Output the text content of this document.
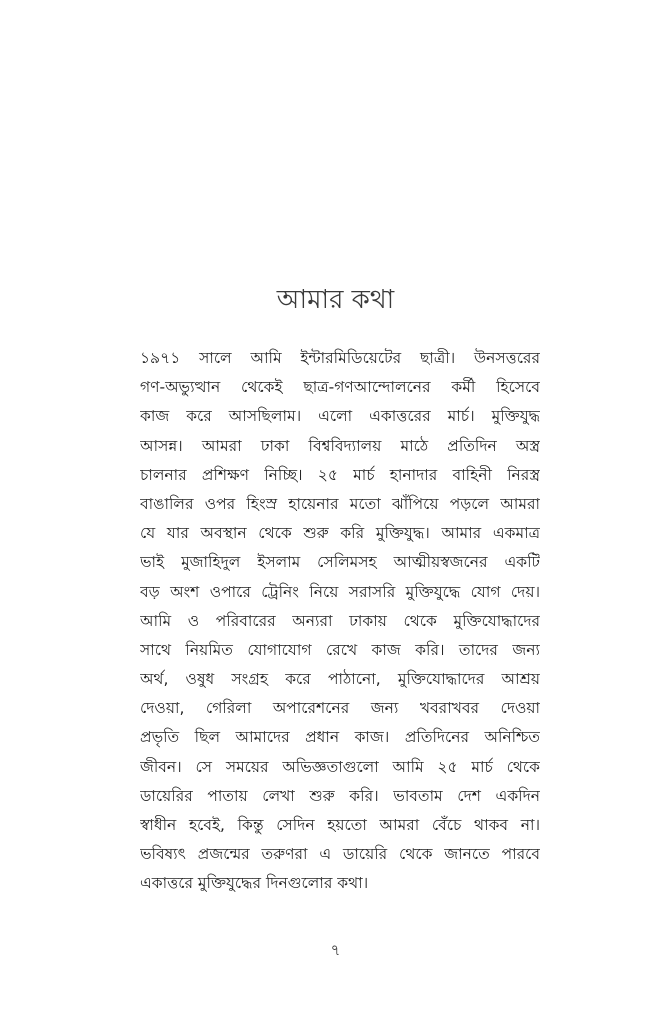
আমার কথা
১৯৭১ সালে আমি ইন্টারমিডিয়েটের ছাত্রী। উনসত্তরের
গণ-অভ্যুত্থান থেকেই ছাত্র-গণআন্দোলনের কর্মী হিসেবে
কাজ করে আসছিলাম। এলো একাত্তরের মার্চ। মুক্তিযুদ্ধ
আসন্ন। আমরা ঢাকা বিশ্ববিদ্যালয় মাঠে প্রতিদিন অস্ত্র
চালনার প্রশিক্ষণ নিচ্ছি। ২৫ মার্চ হানাদার বাহিনী নিরস্ত্র
বাঙালির ওপর হিংস্র হায়েনার মতো ঝাঁপিয়ে পড়লে আমরা
যে যার অবস্থান থেকে শুরু করি মুক্তিযুদ্ধ। আমার একমাত্র
ভাই মুজাহিদুল ইসলাম সেলিমসহ আত্মীয়স্বজনের একটি
বড় অংশ ওপারে ট্রেনিং নিয়ে সরাসরি মুক্তিযুদ্ধে যোগ দেয়।
আমি ও পরিবারের অন্যরা ঢাকায় থেকে মুক্তিযোদ্ধাদের
সাথে নিয়মিত যোগাযোগ রেখে কাজ করি। তাদের জন্য
অর্থ, ওষুধ সংগ্রহ করে পাঠানো, মুক্তিযোদ্ধাদের আশ্রয়
দেওয়া, গেরিলা অপারেশনের জন্য খবরাখবর দেওয়া
প্রভৃতি ছিল আমাদের প্রধান কাজ। প্রতিদিনের অনিশ্চিত
জীবন। সে সময়ের অভিজ্ঞতাগুলো আমি ২৫ মার্চ থেকে
ডায়েরির পাতায় লেখা শুরু করি। ভাবতাম দেশ একদিন
স্বাধীন হবেই, কিন্তু সেদিন হয়তো আমরা বেঁচে থাকব না।
ভবিষ্যৎ প্রজন্মের তরুণরা এ ডায়েরি থেকে জানতে পারবে
একাত্তরে মুক্তিযুদ্ধের দিনগুলোর কথা।
৭
